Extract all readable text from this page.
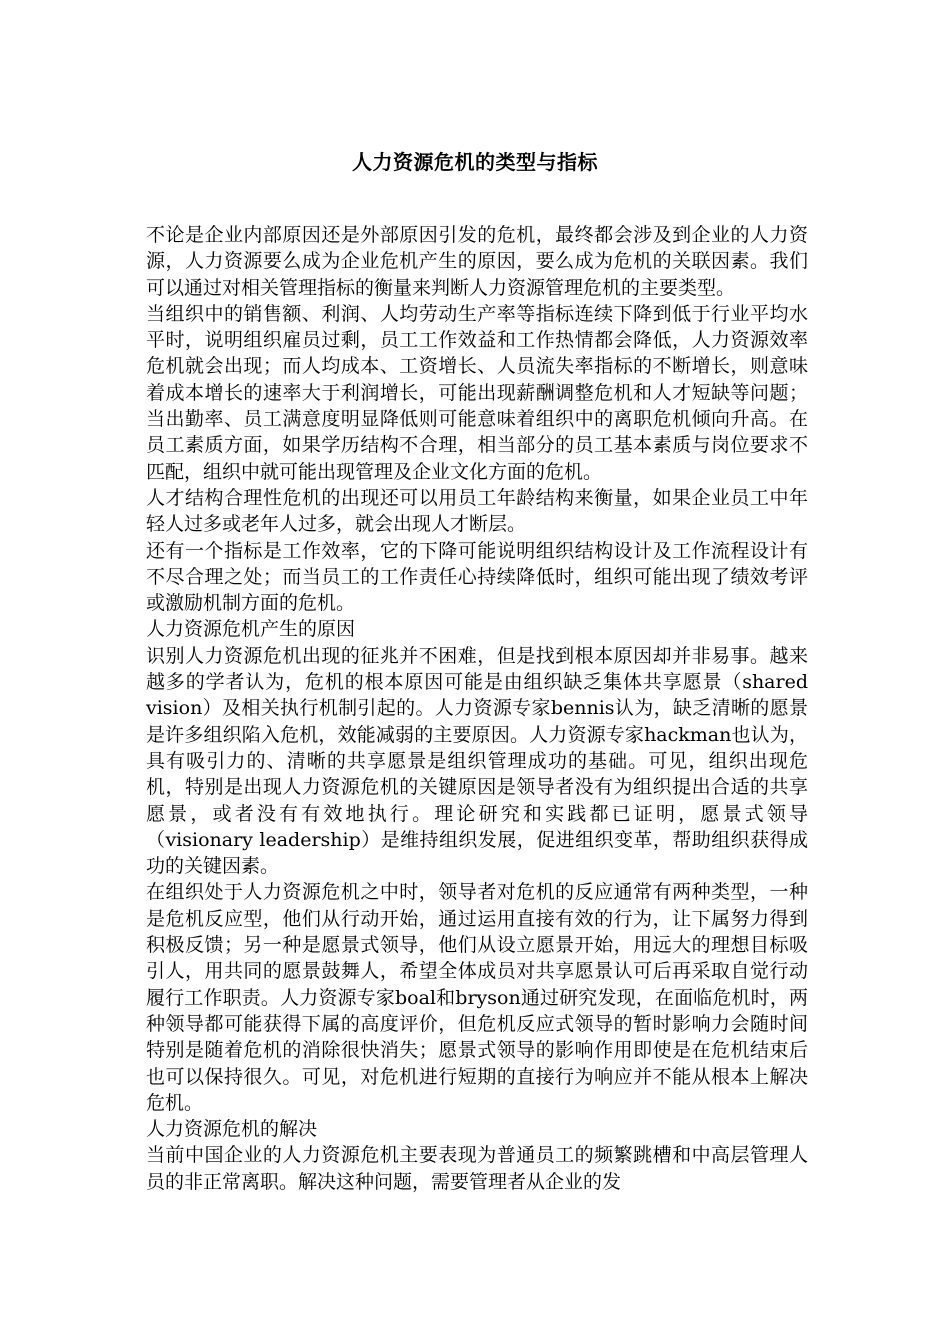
人力资源危机的类型与指标

不论是企业内部原因还是外部原因引发的危机，最终都会涉及到企业的人力资源，人力资源要么成为企业危机产生的原因，要么成为危机的关联因素。我们可以通过对相关管理指标的衡量来判断人力资源管理危机的主要类型。

当组织中的销售额、利润、人均劳动生产率等指标连续下降到低于行业平均水平时，说明组织雇员过剩，员工工作效益和工作热情都会降低，人力资源效率危机就会出现；而人均成本、工资增长、人员流失率指标的不断增长，则意味着成本增长的速率大于利润增长，可能出现薪酬调整危机和人才短缺等问题；当出勤率、员工满意度明显降低则可能意味着组织中的离职危机倾向升高。在员工素质方面，如果学历结构不合理，相当部分的员工基本素质与岗位要求不匹配，组织中就可能出现管理及企业文化方面的危机。

人才结构合理性危机的出现还可以用员工年龄结构来衡量，如果企业员工中年轻人过多或老年人过多，就会出现人才断层。

还有一个指标是工作效率，它的下降可能说明组织结构设计及工作流程设计有不尽合理之处；而当员工的工作责任心持续降低时，组织可能出现了绩效考评或激励机制方面的危机。

人力资源危机产生的原因

识别人力资源危机出现的征兆并不困难，但是找到根本原因却并非易事。越来越多的学者认为，危机的根本原因可能是由组织缺乏集体共享愿景（shared vision）及相关执行机制引起的。人力资源专家bennis认为，缺乏清晰的愿景是许多组织陷入危机，效能减弱的主要原因。人力资源专家hackman也认为，具有吸引力的、清晰的共享愿景是组织管理成功的基础。可见，组织出现危机，特别是出现人力资源危机的关键原因是领导者没有为组织提出合适的共享愿景，或者没有有效地执行。理论研究和实践都已证明，愿景式领导（visionary leadership）是维持组织发展，促进组织变革，帮助组织获得成功的关键因素。

在组织处于人力资源危机之中时，领导者对危机的反应通常有两种类型，一种是危机反应型，他们从行动开始，通过运用直接有效的行为，让下属努力得到积极反馈；另一种是愿景式领导，他们从设立愿景开始，用远大的理想目标吸引人，用共同的愿景鼓舞人，希望全体成员对共享愿景认可后再采取自觉行动履行工作职责。人力资源专家boal和bryson通过研究发现，在面临危机时，两种领导都可能获得下属的高度评价，但危机反应式领导的暂时影响力会随时间特别是随着危机的消除很快消失；愿景式领导的影响作用即使是在危机结束后也可以保持很久。可见，对危机进行短期的直接行为响应并不能从根本上解决危机。

人力资源危机的解决

当前中国企业的人力资源危机主要表现为普通员工的频繁跳槽和中高层管理人员的非正常离职。解决这种问题，需要管理者从企业的发
